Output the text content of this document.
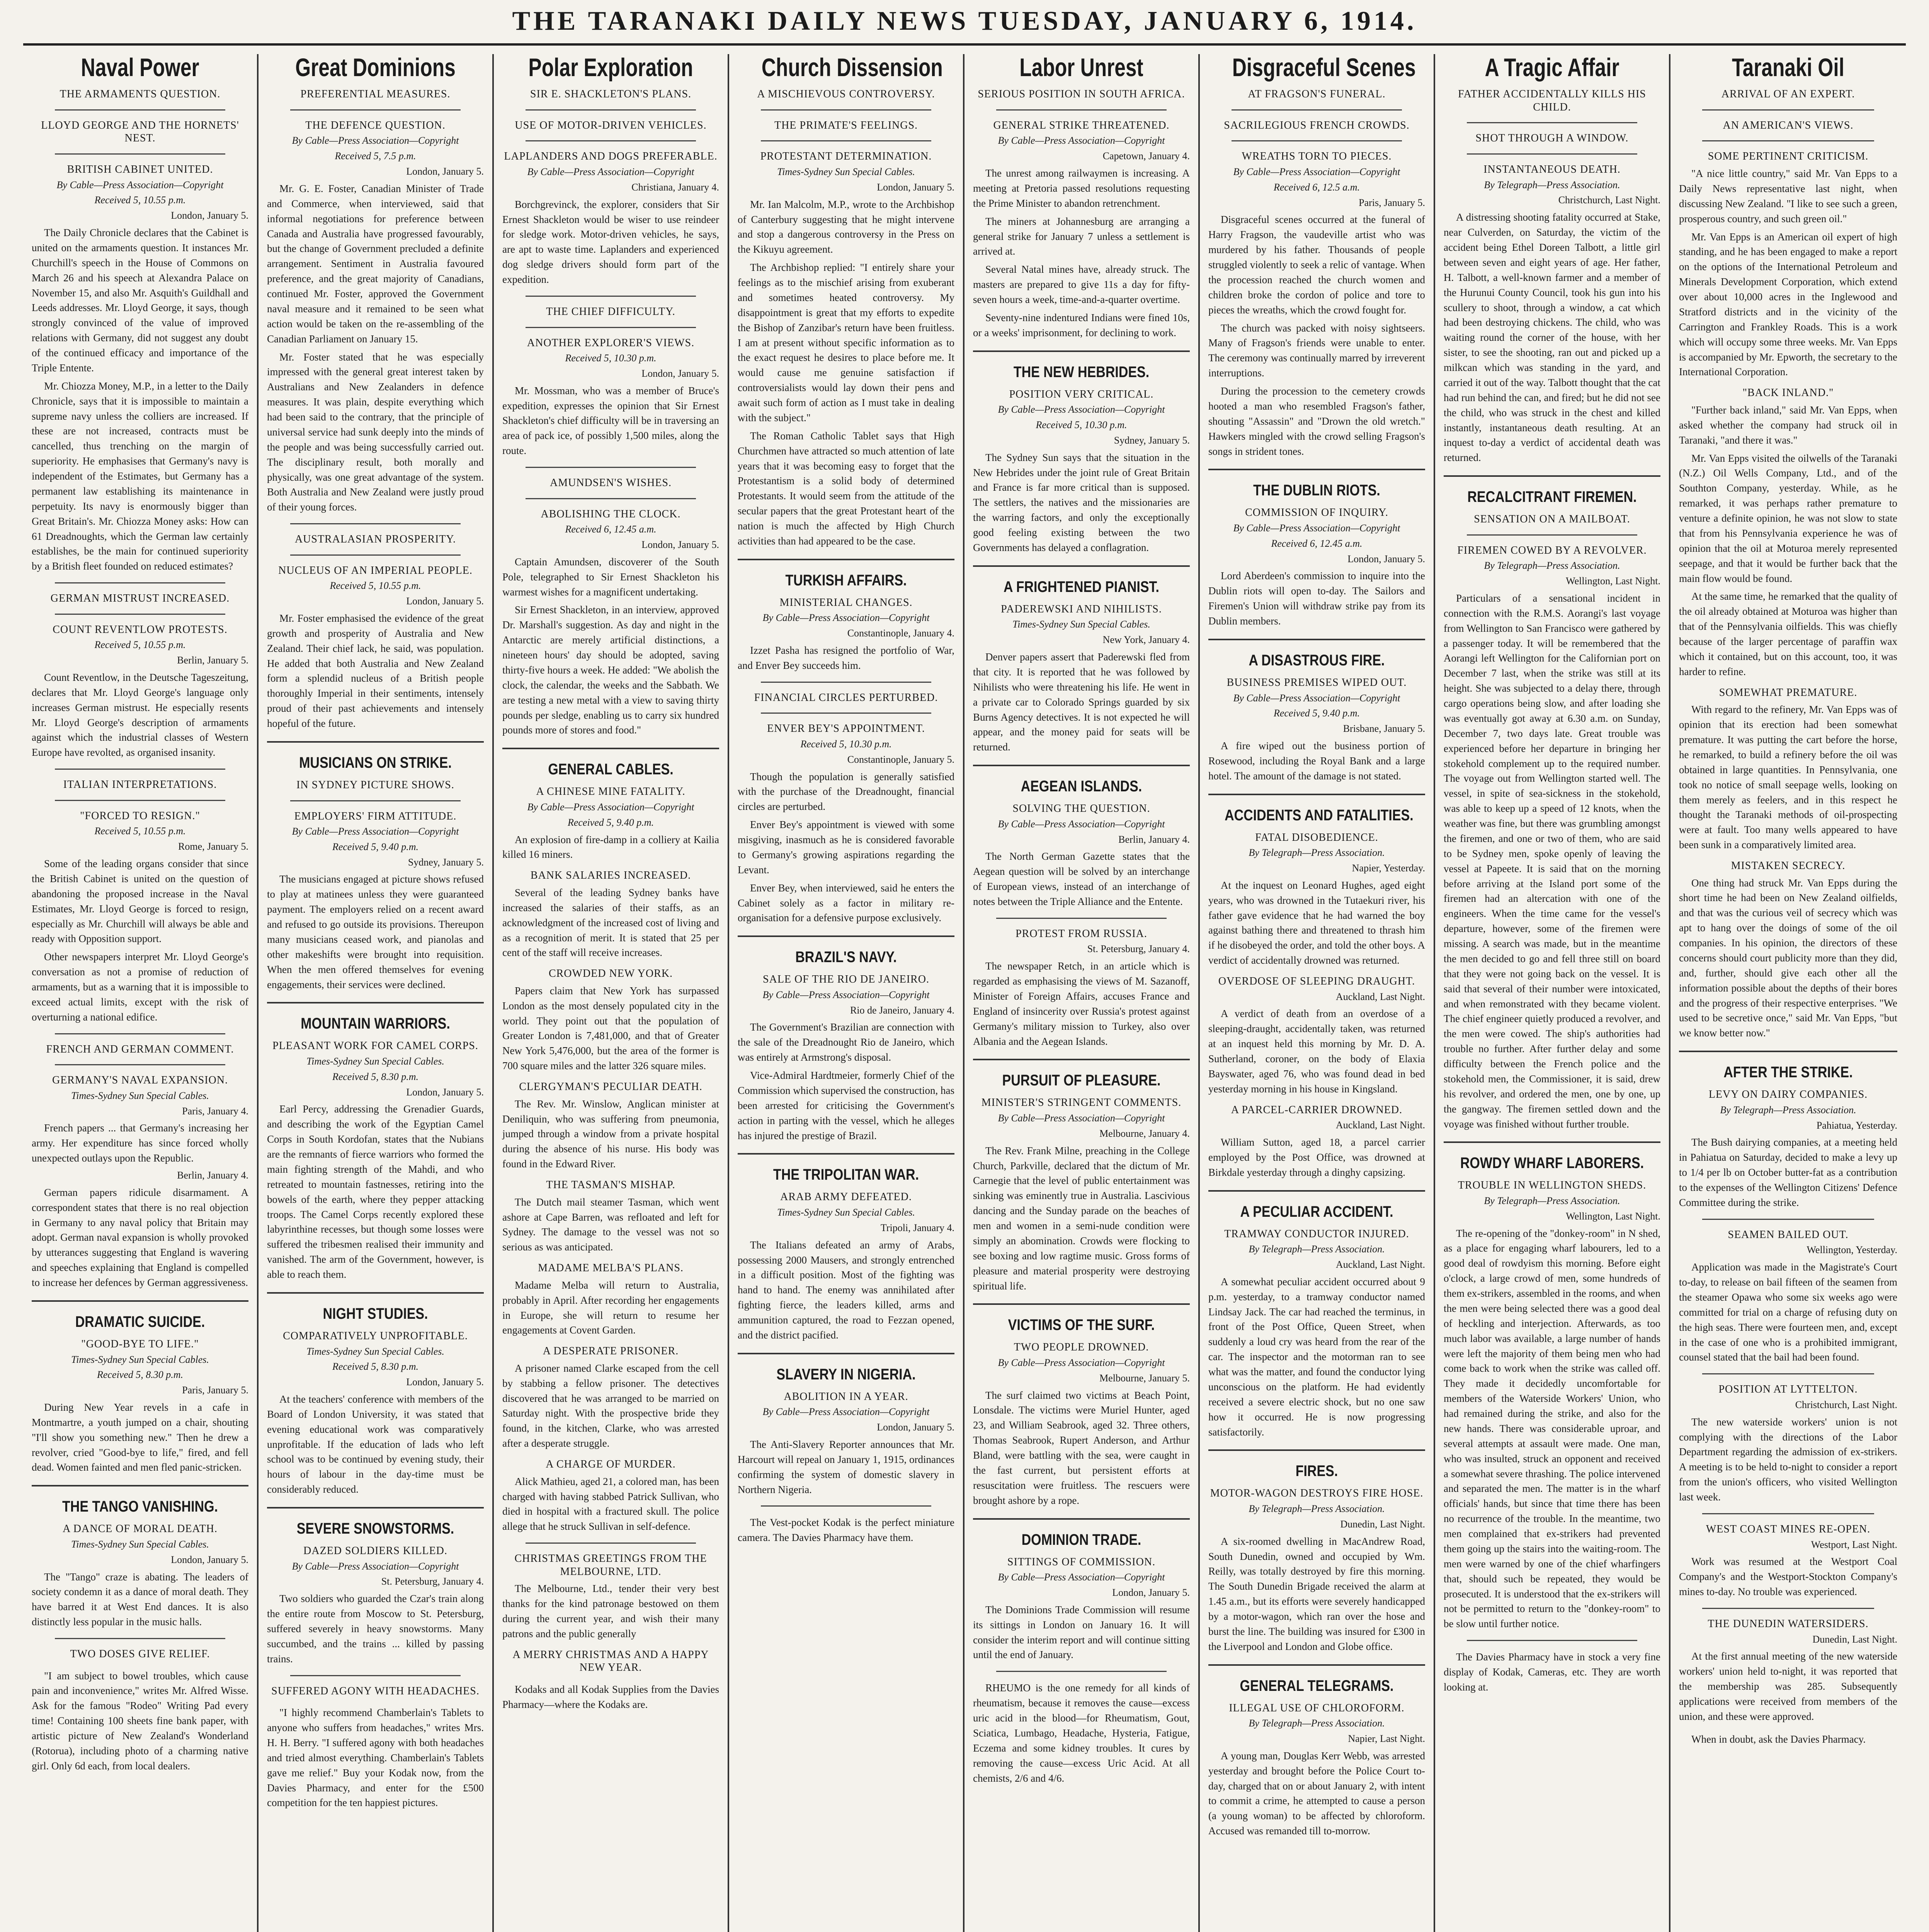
THE TARANAKI DAILY NEWS TUESDAY, JANUARY 6, 1914.
Naval Power
THE ARMAMENTS QUESTION.
LLOYD GEORGE AND THE HORNETS' NEST.
BRITISH CABINET UNITED.
By Cable—Press Association—Copyright
Received 5, 10.55 p.m.
London, January 5.

The Daily Chronicle declares that the Cabinet is united on the armaments question. It instances Mr. Churchill's speech in the House of Commons on March 26 and his speech at Alexandra Palace on November 15, and also Mr. Asquith's Guildhall and Leeds addresses. Mr. Lloyd George, it says, though strongly convinced of the value of improved relations with Germany, did not suggest any doubt of the continued efficacy and importance of the Triple Entente.

Mr. Chiozza Money, M.P., in a letter to the Daily Chronicle, says that it is impossible to maintain a supreme navy unless the colliers are increased. If these are not increased, contracts must be cancelled, thus trenching on the margin of superiority. He emphasises that Germany's navy is independent of the Estimates, but Germany has a permanent law establishing its maintenance in perpetuity. Its navy is enormously bigger than Great Britain's. Mr. Chiozza Money asks: How can 61 Dreadnoughts, which the German law certainly establishes, be the main for continued superiority by a British fleet founded on reduced estimates?

GERMAN MISTRUST INCREASED.
COUNT REVENTLOW PROTESTS.
Received 5, 10.55 p.m.
Berlin, January 5.

Count Reventlow, in the Deutsche Tageszeitung, declares that Mr. Lloyd George's language only increases German mistrust. He especially resents Mr. Lloyd George's description of armaments against which the industrial classes of Western Europe have revolted, as organised insanity.

ITALIAN INTERPRETATIONS.
"FORCED TO RESIGN."
Received 5, 10.55 p.m.
Rome, January 5.

Some of the leading organs consider that since the British Cabinet is united on the question of abandoning the proposed increase in the Naval Estimates, Mr. Lloyd George is forced to resign, especially as Mr. Churchill will always be able and ready with Opposition support.

Other newspapers interpret Mr. Lloyd George's conversation as not a promise of reduction of armaments, but as a warning that it is impossible to exceed actual limits, except with the risk of overturning a national edifice.

FRENCH AND GERMAN COMMENT.
GERMANY'S NAVAL EXPANSION.
Times-Sydney Sun Special Cables.
Paris, January 4.

French papers ... that Germany's increasing her army. Her expenditure has since forced wholly unexpected outlays upon the Republic.

Berlin, January 4.

German papers ridicule disarmament. A correspondent states that there is no real objection in Germany to any naval policy that Britain may adopt. German naval expansion is wholly provoked by utterances suggesting that England is wavering and speeches explaining that England is compelled to increase her defences by German aggressiveness.

DRAMATIC SUICIDE.
"GOOD-BYE TO LIFE."
Times-Sydney Sun Special Cables.
Received 5, 8.30 p.m.
Paris, January 5.

During New Year revels in a cafe in Montmartre, a youth jumped on a chair, shouting "I'll show you something new." Then he drew a revolver, cried "Good-bye to life," fired, and fell dead. Women fainted and men fled panic-stricken.

THE TANGO VANISHING.
A DANCE OF MORAL DEATH.
Times-Sydney Sun Special Cables.
London, January 5.

The "Tango" craze is abating. The leaders of society condemn it as a dance of moral death. They have barred it at West End dances. It is also distinctly less popular in the music halls.

TWO DOSES GIVE RELIEF.

"I am subject to bowel troubles, which cause pain and inconvenience," writes Mr. Alfred Wisse. Ask for the famous "Rodeo" Writing Pad every time! Containing 100 sheets fine bank paper, with artistic picture of New Zealand's Wonderland (Rotorua), including photo of a charming native girl. Only 6d each, from local dealers.

Great Dominions
PREFERENTIAL MEASURES.
THE DEFENCE QUESTION.
By Cable—Press Association—Copyright
Received 5, 7.5 p.m.
London, January 5.

Mr. G. E. Foster, Canadian Minister of Trade and Commerce, when interviewed, said that informal negotiations for preference between Canada and Australia have progressed favourably, but the change of Government precluded a definite arrangement. Sentiment in Australia favoured preference, and the great majority of Canadians, continued Mr. Foster, approved the Government naval measure and it remained to be seen what action would be taken on the re-assembling of the Canadian Parliament on January 15.

Mr. Foster stated that he was especially impressed with the general great interest taken by Australians and New Zealanders in defence measures. It was plain, despite everything which had been said to the contrary, that the principle of universal service had sunk deeply into the minds of the people and was being successfully carried out. The disciplinary result, both morally and physically, was one great advantage of the system. Both Australia and New Zealand were justly proud of their young forces.

AUSTRALASIAN PROSPERITY.
NUCLEUS OF AN IMPERIAL PEOPLE.
Received 5, 10.55 p.m.
London, January 5.

Mr. Foster emphasised the evidence of the great growth and prosperity of Australia and New Zealand. Their chief lack, he said, was population. He added that both Australia and New Zealand form a splendid nucleus of a British people thoroughly Imperial in their sentiments, intensely proud of their past achievements and intensely hopeful of the future.

MUSICIANS ON STRIKE.
IN SYDNEY PICTURE SHOWS.
EMPLOYERS' FIRM ATTITUDE.
By Cable—Press Association—Copyright
Received 5, 9.40 p.m.
Sydney, January 5.

The musicians engaged at picture shows refused to play at matinees unless they were guaranteed payment. The employers relied on a recent award and refused to go outside its provisions. Thereupon many musicians ceased work, and pianolas and other makeshifts were brought into requisition. When the men offered themselves for evening engagements, their services were declined.

MOUNTAIN WARRIORS.
PLEASANT WORK FOR CAMEL CORPS.
Times-Sydney Sun Special Cables.
Received 5, 8.30 p.m.
London, January 5.

Earl Percy, addressing the Grenadier Guards, and describing the work of the Egyptian Camel Corps in South Kordofan, states that the Nubians are the remnants of fierce warriors who formed the main fighting strength of the Mahdi, and who retreated to mountain fastnesses, retiring into the bowels of the earth, where they pepper attacking troops. The Camel Corps recently explored these labyrinthine recesses, but though some losses were suffered the tribesmen realised their immunity and vanished. The arm of the Government, however, is able to reach them.

NIGHT STUDIES.
COMPARATIVELY UNPROFITABLE.
Times-Sydney Sun Special Cables.
Received 5, 8.30 p.m.
London, January 5.

At the teachers' conference with members of the Board of London University, it was stated that evening educational work was comparatively unprofitable. If the education of lads who left school was to be continued by evening study, their hours of labour in the day-time must be considerably reduced.

SEVERE SNOWSTORMS.
DAZED SOLDIERS KILLED.
By Cable—Press Association—Copyright
St. Petersburg, January 4.

Two soldiers who guarded the Czar's train along the entire route from Moscow to St. Petersburg, suffered severely in heavy snowstorms. Many succumbed, and the trains ... killed by passing trains.

SUFFERED AGONY WITH HEADACHES.

"I highly recommend Chamberlain's Tablets to anyone who suffers from headaches," writes Mrs. H. H. Berry. "I suffered agony with both headaches and tried almost everything. Chamberlain's Tablets gave me relief." Buy your Kodak now, from the Davies Pharmacy, and enter for the £500 competition for the ten happiest pictures.

Polar Exploration
SIR E. SHACKLETON'S PLANS.
USE OF MOTOR-DRIVEN VEHICLES.
LAPLANDERS AND DOGS PREFERABLE.
By Cable—Press Association—Copyright
Christiana, January 4.

Borchgrevinck, the explorer, considers that Sir Ernest Shackleton would be wiser to use reindeer for sledge work. Motor-driven vehicles, he says, are apt to waste time. Laplanders and experienced dog sledge drivers should form part of the expedition.

THE CHIEF DIFFICULTY.
ANOTHER EXPLORER'S VIEWS.
Received 5, 10.30 p.m.
London, January 5.

Mr. Mossman, who was a member of Bruce's expedition, expresses the opinion that Sir Ernest Shackleton's chief difficulty will be in traversing an area of pack ice, of possibly 1,500 miles, along the route.

AMUNDSEN'S WISHES.
ABOLISHING THE CLOCK.
Received 6, 12.45 a.m.
London, January 5.

Captain Amundsen, discoverer of the South Pole, telegraphed to Sir Ernest Shackleton his warmest wishes for a magnificent undertaking.

Sir Ernest Shackleton, in an interview, approved Dr. Marshall's suggestion. As day and night in the Antarctic are merely artificial distinctions, a nineteen hours' day should be adopted, saving thirty-five hours a week. He added: "We abolish the clock, the calendar, the weeks and the Sabbath. We are testing a new metal with a view to saving thirty pounds per sledge, enabling us to carry six hundred pounds more of stores and food."

GENERAL CABLES.
A CHINESE MINE FATALITY.
By Cable—Press Association—Copyright
Received 5, 9.40 p.m.

An explosion of fire-damp in a colliery at Kailia killed 16 miners.

BANK SALARIES INCREASED.

Several of the leading Sydney banks have increased the salaries of their staffs, as an acknowledgment of the increased cost of living and as a recognition of merit. It is stated that 25 per cent of the staff will receive increases.

CROWDED NEW YORK.

Papers claim that New York has surpassed London as the most densely populated city in the world. They point out that the population of Greater London is 7,481,000, and that of Greater New York 5,476,000, but the area of the former is 700 square miles and the latter 326 square miles.

CLERGYMAN'S PECULIAR DEATH.

The Rev. Mr. Winslow, Anglican minister at Deniliquin, who was suffering from pneumonia, jumped through a window from a private hospital during the absence of his nurse. His body was found in the Edward River.

THE TASMAN'S MISHAP.

The Dutch mail steamer Tasman, which went ashore at Cape Barren, was refloated and left for Sydney. The damage to the vessel was not so serious as was anticipated.

MADAME MELBA'S PLANS.

Madame Melba will return to Australia, probably in April. After recording her engagements in Europe, she will return to resume her engagements at Covent Garden.

A DESPERATE PRISONER.

A prisoner named Clarke escaped from the cell by stabbing a fellow prisoner. The detectives discovered that he was arranged to be married on Saturday night. With the prospective bride they found, in the kitchen, Clarke, who was arrested after a desperate struggle.

A CHARGE OF MURDER.

Alick Mathieu, aged 21, a colored man, has been charged with having stabbed Patrick Sullivan, who died in hospital with a fractured skull. The police allege that he struck Sullivan in self-defence.

CHRISTMAS GREETINGS FROM THE MELBOURNE, LTD.

The Melbourne, Ltd., tender their very best thanks for the kind patronage bestowed on them during the current year, and wish their many patrons and the public generally

A MERRY CHRISTMAS AND A HAPPY NEW YEAR.

Kodaks and all Kodak Supplies from the Davies Pharmacy—where the Kodaks are.

Church Dissension
A MISCHIEVOUS CONTROVERSY.
THE PRIMATE'S FEELINGS.
PROTESTANT DETERMINATION.
Times-Sydney Sun Special Cables.
London, January 5.

Mr. Ian Malcolm, M.P., wrote to the Archbishop of Canterbury suggesting that he might intervene and stop a dangerous controversy in the Press on the Kikuyu agreement.

The Archbishop replied: "I entirely share your feelings as to the mischief arising from exuberant and sometimes heated controversy. My disappointment is great that my efforts to expedite the Bishop of Zanzibar's return have been fruitless. I am at present without specific information as to the exact request he desires to place before me. It would cause me genuine satisfaction if controversialists would lay down their pens and await such form of action as I must take in dealing with the subject."

The Roman Catholic Tablet says that High Churchmen have attracted so much attention of late years that it was becoming easy to forget that the Protestantism is a solid body of determined Protestants. It would seem from the attitude of the secular papers that the great Protestant heart of the nation is much the affected by High Church activities than had appeared to be the case.

TURKISH AFFAIRS.
MINISTERIAL CHANGES.
By Cable—Press Association—Copyright
Constantinople, January 4.

Izzet Pasha has resigned the portfolio of War, and Enver Bey succeeds him.

FINANCIAL CIRCLES PERTURBED.
ENVER BEY'S APPOINTMENT.
Received 5, 10.30 p.m.
Constantinople, January 5.

Though the population is generally satisfied with the purchase of the Dreadnought, financial circles are perturbed.

Enver Bey's appointment is viewed with some misgiving, inasmuch as he is considered favorable to Germany's growing aspirations regarding the Levant.

Enver Bey, when interviewed, said he enters the Cabinet solely as a factor in military re-organisation for a defensive purpose exclusively.

BRAZIL'S NAVY.
SALE OF THE RIO DE JANEIRO.
By Cable—Press Association—Copyright
Rio de Janeiro, January 4.

The Government's Brazilian are connection with the sale of the Dreadnought Rio de Janeiro, which was entirely at Armstrong's disposal.

Vice-Admiral Hardtmeier, formerly Chief of the Commission which supervised the construction, has been arrested for criticising the Government's action in parting with the vessel, which he alleges has injured the prestige of Brazil.

THE TRIPOLITAN WAR.
ARAB ARMY DEFEATED.
Times-Sydney Sun Special Cables.
Tripoli, January 4.

The Italians defeated an army of Arabs, possessing 2000 Mausers, and strongly entrenched in a difficult position. Most of the fighting was hand to hand. The enemy was annihilated after fighting fierce, the leaders killed, arms and ammunition captured, the road to Fezzan opened, and the district pacified.

SLAVERY IN NIGERIA.
ABOLITION IN A YEAR.
By Cable—Press Association—Copyright
London, January 5.

The Anti-Slavery Reporter announces that Mr. Harcourt will repeal on January 1, 1915, ordinances confirming the system of domestic slavery in Northern Nigeria.

The Vest-pocket Kodak is the perfect miniature camera. The Davies Pharmacy have them.

Labor Unrest
SERIOUS POSITION IN SOUTH AFRICA.
GENERAL STRIKE THREATENED.
By Cable—Press Association—Copyright
Capetown, January 4.

The unrest among railwaymen is increasing. A meeting at Pretoria passed resolutions requesting the Prime Minister to abandon retrenchment.

The miners at Johannesburg are arranging a general strike for January 7 unless a settlement is arrived at.

Several Natal mines have, already struck. The masters are prepared to give 11s a day for fifty-seven hours a week, time-and-a-quarter overtime.

Seventy-nine indentured Indians were fined 10s, or a weeks' imprisonment, for declining to work.

THE NEW HEBRIDES.
POSITION VERY CRITICAL.
By Cable—Press Association—Copyright
Received 5, 10.30 p.m.
Sydney, January 5.

The Sydney Sun says that the situation in the New Hebrides under the joint rule of Great Britain and France is far more critical than is supposed. The settlers, the natives and the missionaries are the warring factors, and only the exceptionally good feeling existing between the two Governments has delayed a conflagration.

A FRIGHTENED PIANIST.
PADEREWSKI AND NIHILISTS.
Times-Sydney Sun Special Cables.
New York, January 4.

Denver papers assert that Paderewski fled from that city. It is reported that he was followed by Nihilists who were threatening his life. He went in a private car to Colorado Springs guarded by six Burns Agency detectives. It is not expected he will appear, and the money paid for seats will be returned.

AEGEAN ISLANDS.
SOLVING THE QUESTION.
By Cable—Press Association—Copyright
Berlin, January 4.

The North German Gazette states that the Aegean question will be solved by an interchange of European views, instead of an interchange of notes between the Triple Alliance and the Entente.

PROTEST FROM RUSSIA.
St. Petersburg, January 4.

The newspaper Retch, in an article which is regarded as emphasising the views of M. Sazanoff, Minister of Foreign Affairs, accuses France and England of insincerity over Russia's protest against Germany's military mission to Turkey, also over Albania and the Aegean Islands.

PURSUIT OF PLEASURE.
MINISTER'S STRINGENT COMMENTS.
By Cable—Press Association—Copyright
Melbourne, January 4.

The Rev. Frank Milne, preaching in the College Church, Parkville, declared that the dictum of Mr. Carnegie that the level of public entertainment was sinking was eminently true in Australia. Lascivious dancing and the Sunday parade on the beaches of men and women in a semi-nude condition were simply an abomination. Crowds were flocking to see boxing and low ragtime music. Gross forms of pleasure and material prosperity were destroying spiritual life.

VICTIMS OF THE SURF.
TWO PEOPLE DROWNED.
By Cable—Press Association—Copyright
Melbourne, January 5.

The surf claimed two victims at Beach Point, Lonsdale. The victims were Muriel Hunter, aged 23, and William Seabrook, aged 32. Three others, Thomas Seabrook, Rupert Anderson, and Arthur Bland, were battling with the sea, were caught in the fast current, but persistent efforts at resuscitation were fruitless. The rescuers were brought ashore by a rope.

DOMINION TRADE.
SITTINGS OF COMMISSION.
By Cable—Press Association—Copyright
London, January 5.

The Dominions Trade Commission will resume its sittings in London on January 16. It will consider the interim report and will continue sitting until the end of January.

RHEUMO is the one remedy for all kinds of rheumatism, because it removes the cause—excess uric acid in the blood—for Rheumatism, Gout, Sciatica, Lumbago, Headache, Hysteria, Fatigue, Eczema and some kidney troubles. It cures by removing the cause—excess Uric Acid. At all chemists, 2/6 and 4/6.

Disgraceful Scenes
AT FRAGSON'S FUNERAL.
SACRILEGIOUS FRENCH CROWDS.
WREATHS TORN TO PIECES.
By Cable—Press Association—Copyright
Received 6, 12.5 a.m.
Paris, January 5.

Disgraceful scenes occurred at the funeral of Harry Fragson, the vaudeville artist who was murdered by his father. Thousands of people struggled violently to seek a relic of vantage. When the procession reached the church women and children broke the cordon of police and tore to pieces the wreaths, which the crowd fought for.

The church was packed with noisy sightseers. Many of Fragson's friends were unable to enter. The ceremony was continually marred by irreverent interruptions.

During the procession to the cemetery crowds hooted a man who resembled Fragson's father, shouting "Assassin" and "Drown the old wretch." Hawkers mingled with the crowd selling Fragson's songs in strident tones.

THE DUBLIN RIOTS.
COMMISSION OF INQUIRY.
By Cable—Press Association—Copyright
Received 6, 12.45 a.m.
London, January 5.

Lord Aberdeen's commission to inquire into the Dublin riots will open to-day. The Sailors and Firemen's Union will withdraw strike pay from its Dublin members.

A DISASTROUS FIRE.
BUSINESS PREMISES WIPED OUT.
By Cable—Press Association—Copyright
Received 5, 9.40 p.m.
Brisbane, January 5.

A fire wiped out the business portion of Rosewood, including the Royal Bank and a large hotel. The amount of the damage is not stated.

ACCIDENTS AND FATALITIES.
FATAL DISOBEDIENCE.
By Telegraph—Press Association.
Napier, Yesterday.

At the inquest on Leonard Hughes, aged eight years, who was drowned in the Tutaekuri river, his father gave evidence that he had warned the boy against bathing there and threatened to thrash him if he disobeyed the order, and told the other boys. A verdict of accidentally drowned was returned.

OVERDOSE OF SLEEPING DRAUGHT.
Auckland, Last Night.

A verdict of death from an overdose of a sleeping-draught, accidentally taken, was returned at an inquest held this morning by Mr. D. A. Sutherland, coroner, on the body of Elaxia Bayswater, aged 76, who was found dead in bed yesterday morning in his house in Kingsland.

A PARCEL-CARRIER DROWNED.
Auckland, Last Night.

William Sutton, aged 18, a parcel carrier employed by the Post Office, was drowned at Birkdale yesterday through a dinghy capsizing.

A PECULIAR ACCIDENT.
TRAMWAY CONDUCTOR INJURED.
By Telegraph—Press Association.
Auckland, Last Night.

A somewhat peculiar accident occurred about 9 p.m. yesterday, to a tramway conductor named Lindsay Jack. The car had reached the terminus, in front of the Post Office, Queen Street, when suddenly a loud cry was heard from the rear of the car. The inspector and the motorman ran to see what was the matter, and found the conductor lying unconscious on the platform. He had evidently received a severe electric shock, but no one saw how it occurred. He is now progressing satisfactorily.

FIRES.
MOTOR-WAGON DESTROYS FIRE HOSE.
By Telegraph—Press Association.
Dunedin, Last Night.

A six-roomed dwelling in MacAndrew Road, South Dunedin, owned and occupied by Wm. Reilly, was totally destroyed by fire this morning. The South Dunedin Brigade received the alarm at 1.45 a.m., but its efforts were severely handicapped by a motor-wagon, which ran over the hose and burst the line. The building was insured for £300 in the Liverpool and London and Globe office.

GENERAL TELEGRAMS.
ILLEGAL USE OF CHLOROFORM.
By Telegraph—Press Association.
Napier, Last Night.

A young man, Douglas Kerr Webb, was arrested yesterday and brought before the Police Court to-day, charged that on or about January 2, with intent to commit a crime, he attempted to cause a person (a young woman) to be affected by chloroform. Accused was remanded till to-morrow.

A Tragic Affair
FATHER ACCIDENTALLY KILLS HIS CHILD.
SHOT THROUGH A WINDOW.
INSTANTANEOUS DEATH.
By Telegraph—Press Association.
Christchurch, Last Night.

A distressing shooting fatality occurred at Stake, near Culverden, on Saturday, the victim of the accident being Ethel Doreen Talbott, a little girl between seven and eight years of age. Her father, H. Talbott, a well-known farmer and a member of the Hurunui County Council, took his gun into his scullery to shoot, through a window, a cat which had been destroying chickens. The child, who was waiting round the corner of the house, with her sister, to see the shooting, ran out and picked up a milkcan which was standing in the yard, and carried it out of the way. Talbott thought that the cat had run behind the can, and fired; but he did not see the child, who was struck in the chest and killed instantly, instantaneous death resulting. At an inquest to-day a verdict of accidental death was returned.

RECALCITRANT FIREMEN.
SENSATION ON A MAILBOAT.
FIREMEN COWED BY A REVOLVER.
By Telegraph—Press Association.
Wellington, Last Night.

Particulars of a sensational incident in connection with the R.M.S. Aorangi's last voyage from Wellington to San Francisco were gathered by a passenger today. It will be remembered that the Aorangi left Wellington for the Californian port on December 7 last, when the strike was still at its height. She was subjected to a delay there, through cargo operations being slow, and after loading she was eventually got away at 6.30 a.m. on Sunday, December 7, two days late. Great trouble was experienced before her departure in bringing her stokehold complement up to the required number. The voyage out from Wellington started well. The vessel, in spite of sea-sickness in the stokehold, was able to keep up a speed of 12 knots, when the weather was fine, but there was grumbling amongst the firemen, and one or two of them, who are said to be Sydney men, spoke openly of leaving the vessel at Papeete. It is said that on the morning before arriving at the Island port some of the firemen had an altercation with one of the engineers. When the time came for the vessel's departure, however, some of the firemen were missing. A search was made, but in the meantime the men decided to go and fell three still on board that they were not going back on the vessel. It is said that several of their number were intoxicated, and when remonstrated with they became violent. The chief engineer quietly produced a revolver, and the men were cowed. The ship's authorities had trouble no further. After further delay and some difficulty between the French police and the stokehold men, the Commissioner, it is said, drew his revolver, and ordered the men, one by one, up the gangway. The firemen settled down and the voyage was finished without further trouble.

ROWDY WHARF LABORERS.
TROUBLE IN WELLINGTON SHEDS.
By Telegraph—Press Association.
Wellington, Last Night.

The re-opening of the "donkey-room" in N shed, as a place for engaging wharf labourers, led to a good deal of rowdyism this morning. Before eight o'clock, a large crowd of men, some hundreds of them ex-strikers, assembled in the rooms, and when the men were being selected there was a good deal of heckling and interjection. Afterwards, as too much labor was available, a large number of hands were left the majority of them being men who had come back to work when the strike was called off. They made it decidedly uncomfortable for members of the Waterside Workers' Union, who had remained during the strike, and also for the new hands. There was considerable uproar, and several attempts at assault were made. One man, who was insulted, struck an opponent and received a somewhat severe thrashing. The police intervened and separated the men. The matter is in the wharf officials' hands, but since that time there has been no recurrence of the trouble. In the meantime, two men complained that ex-strikers had prevented them going up the stairs into the waiting-room. The men were warned by one of the chief wharfingers that, should such be repeated, they would be prosecuted. It is understood that the ex-strikers will not be permitted to return to the "donkey-room" to be slow until further notice.

The Davies Pharmacy have in stock a very fine display of Kodak, Cameras, etc. They are worth looking at.

Taranaki Oil
ARRIVAL OF AN EXPERT.
AN AMERICAN'S VIEWS.
SOME PERTINENT CRITICISM.

"A nice little country," said Mr. Van Epps to a Daily News representative last night, when discussing New Zealand. "I like to see such a green, prosperous country, and such green oil."

Mr. Van Epps is an American oil expert of high standing, and he has been engaged to make a report on the options of the International Petroleum and Minerals Development Corporation, which extend over about 10,000 acres in the Inglewood and Stratford districts and in the vicinity of the Carrington and Frankley Roads. This is a work which will occupy some three weeks. Mr. Van Epps is accompanied by Mr. Epworth, the secretary to the International Corporation.

"BACK INLAND."

"Further back inland," said Mr. Van Epps, when asked whether the company had struck oil in Taranaki, "and there it was."

Mr. Van Epps visited the oilwells of the Taranaki (N.Z.) Oil Wells Company, Ltd., and of the Southton Company, yesterday. While, as he remarked, it was perhaps rather premature to venture a definite opinion, he was not slow to state that from his Pennsylvania experience he was of opinion that the oil at Moturoa merely represented seepage, and that it would be further back that the main flow would be found.

At the same time, he remarked that the quality of the oil already obtained at Moturoa was higher than that of the Pennsylvania oilfields. This was chiefly because of the larger percentage of paraffin wax which it contained, but on this account, too, it was harder to refine.

SOMEWHAT PREMATURE.

With regard to the refinery, Mr. Van Epps was of opinion that its erection had been somewhat premature. It was putting the cart before the horse, he remarked, to build a refinery before the oil was obtained in large quantities. In Pennsylvania, one took no notice of small seepage wells, looking on them merely as feelers, and in this respect he thought the Taranaki methods of oil-prospecting were at fault. Too many wells appeared to have been sunk in a comparatively limited area.

MISTAKEN SECRECY.

One thing had struck Mr. Van Epps during the short time he had been on New Zealand oilfields, and that was the curious veil of secrecy which was apt to hang over the doings of some of the oil companies. In his opinion, the directors of these concerns should court publicity more than they did, and, further, should give each other all the information possible about the depths of their bores and the progress of their respective enterprises. "We used to be secretive once," said Mr. Van Epps, "but we know better now."

AFTER THE STRIKE.
LEVY ON DAIRY COMPANIES.
By Telegraph—Press Association.
Pahiatua, Yesterday.

The Bush dairying companies, at a meeting held in Pahiatua on Saturday, decided to make a levy up to 1/4 per lb on October butter-fat as a contribution to the expenses of the Wellington Citizens' Defence Committee during the strike.

SEAMEN BAILED OUT.
Wellington, Yesterday.

Application was made in the Magistrate's Court to-day, to release on bail fifteen of the seamen from the steamer Opawa who some six weeks ago were committed for trial on a charge of refusing duty on the high seas. There were fourteen men, and, except in the case of one who is a prohibited immigrant, counsel stated that the bail had been found.

POSITION AT LYTTELTON.
Christchurch, Last Night.

The new waterside workers' union is not complying with the directions of the Labor Department regarding the admission of ex-strikers. A meeting is to be held to-night to consider a report from the union's officers, who visited Wellington last week.

WEST COAST MINES RE-OPEN.
Westport, Last Night.

Work was resumed at the Westport Coal Company's and the Westport-Stockton Company's mines to-day. No trouble was experienced.

THE DUNEDIN WATERSIDERS.
Dunedin, Last Night.

At the first annual meeting of the new waterside workers' union held to-night, it was reported that the membership was 285. Subsequently applications were received from members of the union, and these were approved.

When in doubt, ask the Davies Pharmacy.
